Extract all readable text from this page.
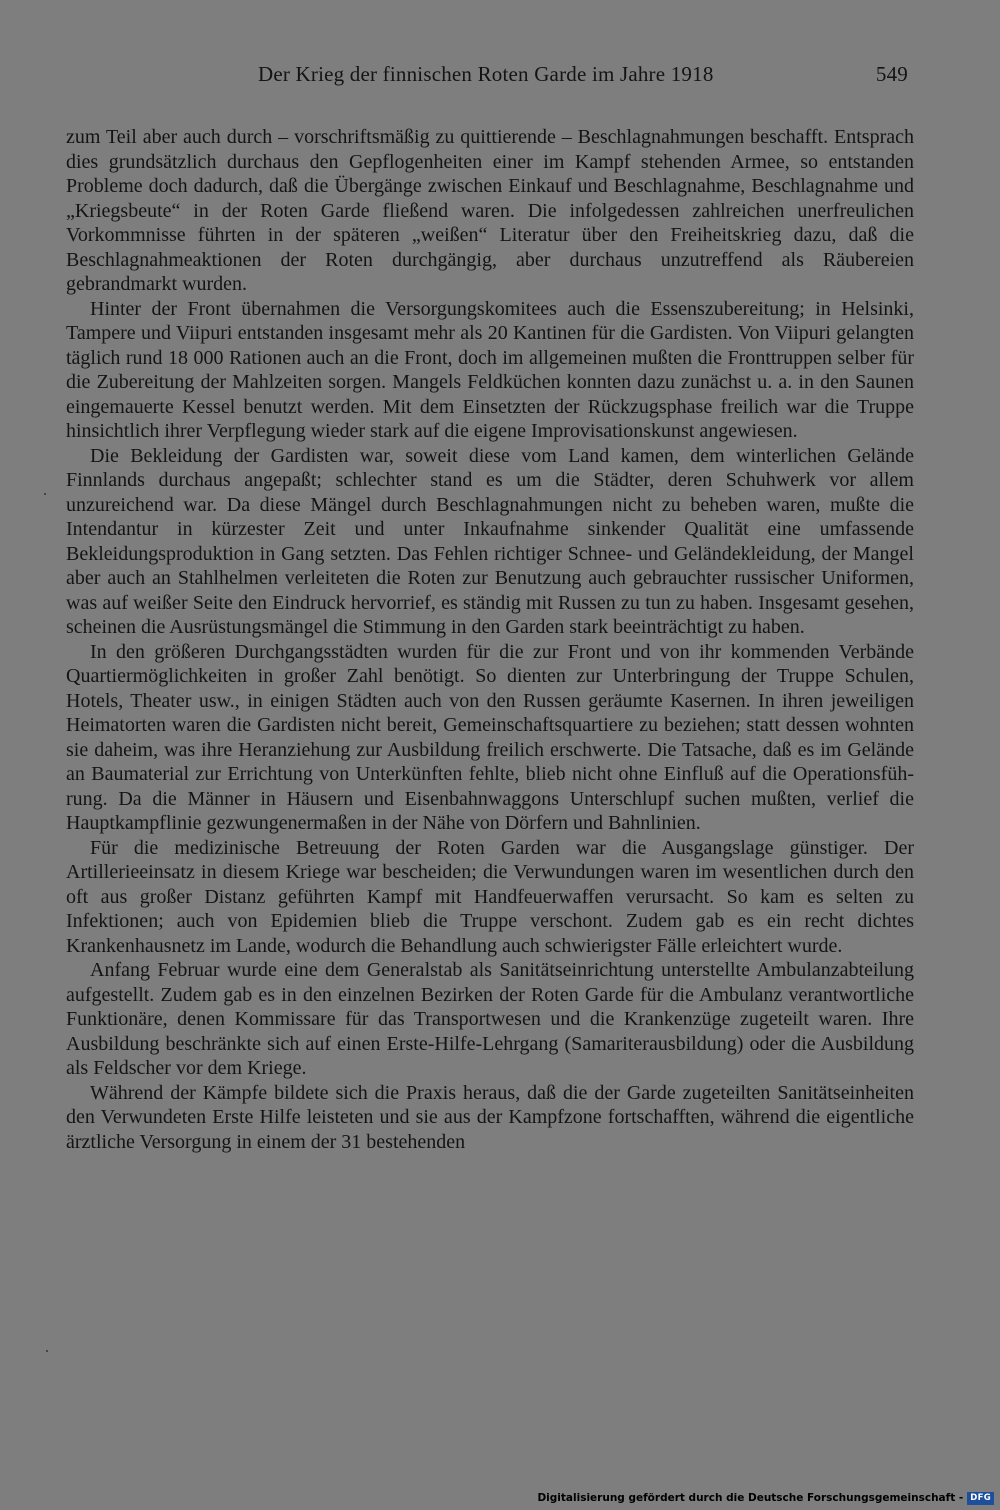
Der Krieg der finnischen Roten Garde im Jahre 1918	549

zum Teil aber auch durch – vorschriftsmäßig zu quittierende – Beschlagnahmungen beschafft. Entsprach dies grundsätzlich durchaus den Gepflogenheiten einer im Kampf stehenden Armee, so entstanden Probleme doch dadurch, daß die Übergänge zwischen Einkauf und Beschlagnahme, Beschlagnahme und „Kriegsbeute“ in der Roten Garde fließend waren. Die infolgedessen zahlreichen unerfreulichen Vorkommnisse führten in der späteren „weißen“ Literatur über den Freiheitskrieg dazu, daß die Beschlagnahmeaktionen der Roten durchgängig, aber durchaus unzutreffend als Räubereien gebrandmarkt wurden.

Hinter der Front übernahmen die Versorgungskomitees auch die Essenszubereitung; in Helsinki, Tampere und Viipuri entstanden insgesamt mehr als 20 Kantinen für die Gardisten. Von Viipuri gelangten täglich rund 18 000 Rationen auch an die Front, doch im allgemeinen mußten die Fronttruppen selber für die Zubereitung der Mahlzeiten sorgen. Mangels Feldküchen konnten dazu zunächst u. a. in den Saunen eingemauerte Kessel benutzt werden. Mit dem Einsetzten der Rückzugsphase freilich war die Truppe hinsichtlich ihrer Verpflegung wieder stark auf die eigene Improvisationskunst angewiesen.

Die Bekleidung der Gardisten war, soweit diese vom Land kamen, dem winterlichen Gelände Finnlands durchaus angepaßt; schlechter stand es um die Städter, deren Schuhwerk vor allem unzureichend war. Da diese Mängel durch Beschlagnahmungen nicht zu beheben waren, mußte die Intendantur in kürzester Zeit und unter Inkaufnahme sinkender Qualität eine umfassende Bekleidungsproduktion in Gang setzten. Das Fehlen richtiger Schnee- und Geländekleidung, der Mangel aber auch an Stahlhelmen verleiteten die Roten zur Benutzung auch gebrauchter russischer Uniformen, was auf weißer Seite den Eindruck hervorrief, es ständig mit Russen zu tun zu haben. Insgesamt gesehen, scheinen die Ausrüstungsmängel die Stimmung in den Garden stark beeinträchtigt zu haben.

In den größeren Durchgangsstädten wurden für die zur Front und von ihr kommenden Verbände Quartiermöglichkeiten in großer Zahl benötigt. So dienten zur Unterbringung der Truppe Schulen, Hotels, Theater usw., in einigen Städten auch von den Russen geräumte Kasernen. In ihren jeweiligen Heimatorten waren die Gardisten nicht bereit, Gemeinschaftsquartiere zu beziehen; statt dessen wohnten sie daheim, was ihre Heranziehung zur Ausbildung freilich erschwerte. Die Tatsache, daß es im Gelände an Baumaterial zur Errichtung von Unterkünften fehlte, blieb nicht ohne Einfluß auf die Operationsführung. Da die Männer in Häusern und Eisenbahnwaggons Unterschlupf suchen mußten, verlief die Hauptkampflinie gezwungenermaßen in der Nähe von Dörfern und Bahnlinien.

Für die medizinische Betreuung der Roten Garden war die Ausgangslage günstiger. Der Artillerieeinsatz in diesem Kriege war bescheiden; die Verwundungen waren im wesentlichen durch den oft aus großer Distanz geführten Kampf mit Handfeuerwaffen verursacht. So kam es selten zu Infektionen; auch von Epidemien blieb die Truppe verschont. Zudem gab es ein recht dichtes Krankenhausnetz im Lande, wodurch die Behandlung auch schwierigster Fälle erleichtert wurde.

Anfang Februar wurde eine dem Generalstab als Sanitätseinrichtung unterstellte Ambulanzabteilung aufgestellt. Zudem gab es in den einzelnen Bezirken der Roten Garde für die Ambulanz verantwortliche Funktionäre, denen Kommissare für das Transportwesen und die Krankenzüge zugeteilt waren. Ihre Ausbildung beschränkte sich auf einen Erste-Hilfe-Lehrgang (Samariterausbildung) oder die Ausbildung als Feldscher vor dem Kriege.

Während der Kämpfe bildete sich die Praxis heraus, daß die der Garde zugeteilten Sanitätseinheiten den Verwundeten Erste Hilfe leisteten und sie aus der Kampfzone fortschafften, während die eigentliche ärztliche Versorgung in einem der 31 bestehenden

Digitalisierung gefördert durch die Deutsche Forschungsgemeinschaft - DFG
